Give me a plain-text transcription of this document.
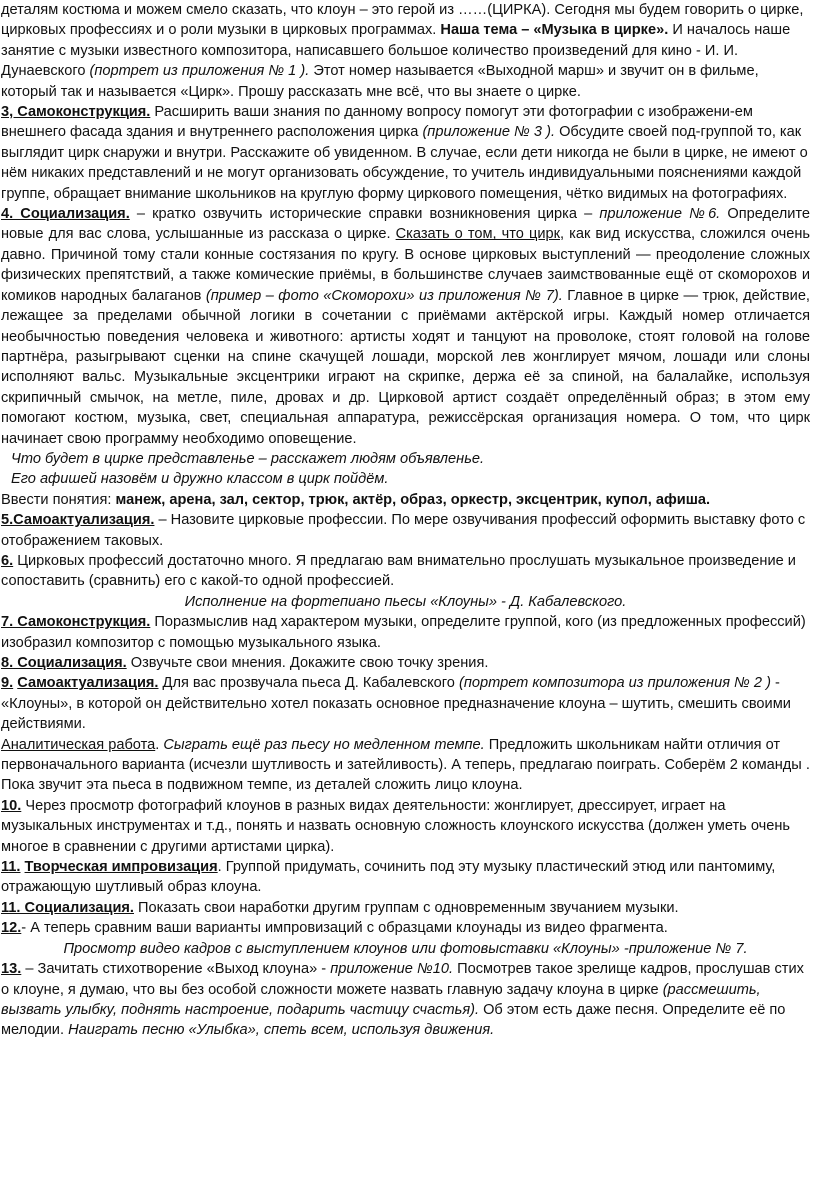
деталям костюма и можем смело сказать, что клоун – это герой из ……(ЦИРКА). Сегодня мы будем говорить о цирке, цирковых профессиях и о роли музыки в цирковых программах. Наша тема – «Музыка в цирке». И началось наше занятие с музыки известного композитора, написавшего большое количество произведений для кино - И. И. Дунаевского (портрет из приложения № 1 ). Этот номер называется «Выходной марш» и звучит он в фильме, который так и называется «Цирк». Прошу рассказать мне всё, что вы знаете о цирке.

3, Самоконструкция. Расширить ваши знания по данному вопросу помогут эти фотографии с изображени-ем внешнего фасада здания и внутреннего расположения цирка (приложение № 3 ). Обсудите своей под-группой то, как выглядит цирк снаружи и внутри. Расскажите об увиденном. В случае, если дети никогда не были в цирке, не имеют о нём никаких представлений и не могут организовать обсуждение, то учитель индивидуальными пояснениями каждой группе, обращает внимание школьников на круглую форму циркового помещения, чётко видимых на фотографиях.

4. Социализация. – кратко озвучить исторические справки возникновения цирка – приложение №6. Определите новые для вас слова, услышанные из рассказа о цирке. Сказать о том, что цирк, как вид искусства, сложился очень давно. Причиной тому стали конные состязания по кругу. В основе цирковых выступлений — преодоление сложных физических препятствий, а также комические приёмы, в большинстве случаев заимствованные ещё от скоморохов и комиков народных балаганов (пример – фото «Скоморохи» из приложения № 7). Главное в цирке — трюк, действие, лежащее за пределами обычной логики в сочетании с приёмами актёрской игры. Каждый номер отличается необычностью поведения человека и животного: артисты ходят и танцуют на проволоке, стоят головой на голове партнёра, разыгрывают сценки на спине скачущей лошади, морской лев жонглирует мячом, лошади или слоны исполняют вальс. Музыкальные эксцентрики играют на скрипке, держа её за спиной, на балалайке, используя скрипичный смычок, на метле, пиле, дровах и др. Цирковой артист создаёт определённый образ; в этом ему помогают костюм, музыка, свет, специальная аппаратура, режиссёрская организация номера. О том, что цирк начинает свою программу необходимо оповещение.

Что будет в цирке представленье – расскажет людям объявленье.

Его афишей назовём и дружно классом в цирк пойдём.

Ввести понятия: манеж, арена, зал, сектор, трюк, актёр, образ, оркестр, эксцентрик, купол, афиша.

5.Самоактуализация. – Назовите цирковые профессии. По мере озвучивания профессий оформить выставку фото с отображением таковых.

6. Цирковых профессий достаточно много. Я предлагаю вам внимательно прослушать музыкальное произведение и сопоставить (сравнить) его с какой-то одной профессией.

Исполнение на фортепиано пьесы «Клоуны» - Д. Кабалевского.

7. Самоконструкция. Поразмыслив над характером музыки, определите группой, кого (из предложенных профессий) изобразил композитор с помощью музыкального языка.

8. Социализация. Озвучьте свои мнения. Докажите свою точку зрения.

9. Самоактуализация. Для вас прозвучала пьеса Д. Кабалевского (портрет композитора из приложения № 2 ) - «Клоуны», в которой он действительно хотел показать основное предназначение клоуна – шутить, смешить своими действиями.

Аналитическая работа. Сыграть ещё раз пьесу но медленном темпе. Предложить школьникам найти отличия от первоначального варианта (исчезли шутливость и затейливость). А теперь, предлагаю поиграть. Соберём 2 команды . Пока звучит эта пьеса в подвижном темпе, из деталей сложить лицо клоуна.

10. Через просмотр фотографий клоунов в разных видах деятельности: жонглирует, дрессирует, играет на музыкальных инструментах и т.д., понять и назвать основную сложность клоунского искусства (должен уметь очень многое в сравнении с другими артистами цирка).

11. Творческая импровизация. Группой придумать, сочинить под эту музыку пластический этюд или пантомиму, отражающую шутливый образ клоуна.

11. Социализация. Показать свои наработки другим группам с одновременным звучанием музыки.

12.- А теперь сравним ваши варианты импровизаций с образцами клоунады из видео фрагмента.

Просмотр видео кадров с выступлением клоунов или фотовыставки «Клоуны» -приложение № 7.

13. – Зачитать стихотворение «Выход клоуна» - приложение №10. Посмотрев такое зрелище кадров, прослушав стих о клоуне, я думаю, что вы без особой сложности можете назвать главную задачу клоуна в цирке (рассмешить, вызвать улыбку, поднять настроение, подарить частицу счастья). Об этом есть даже песня. Определите её по мелодии. Наиграть песню «Улыбка», спеть всем, используя движения.
